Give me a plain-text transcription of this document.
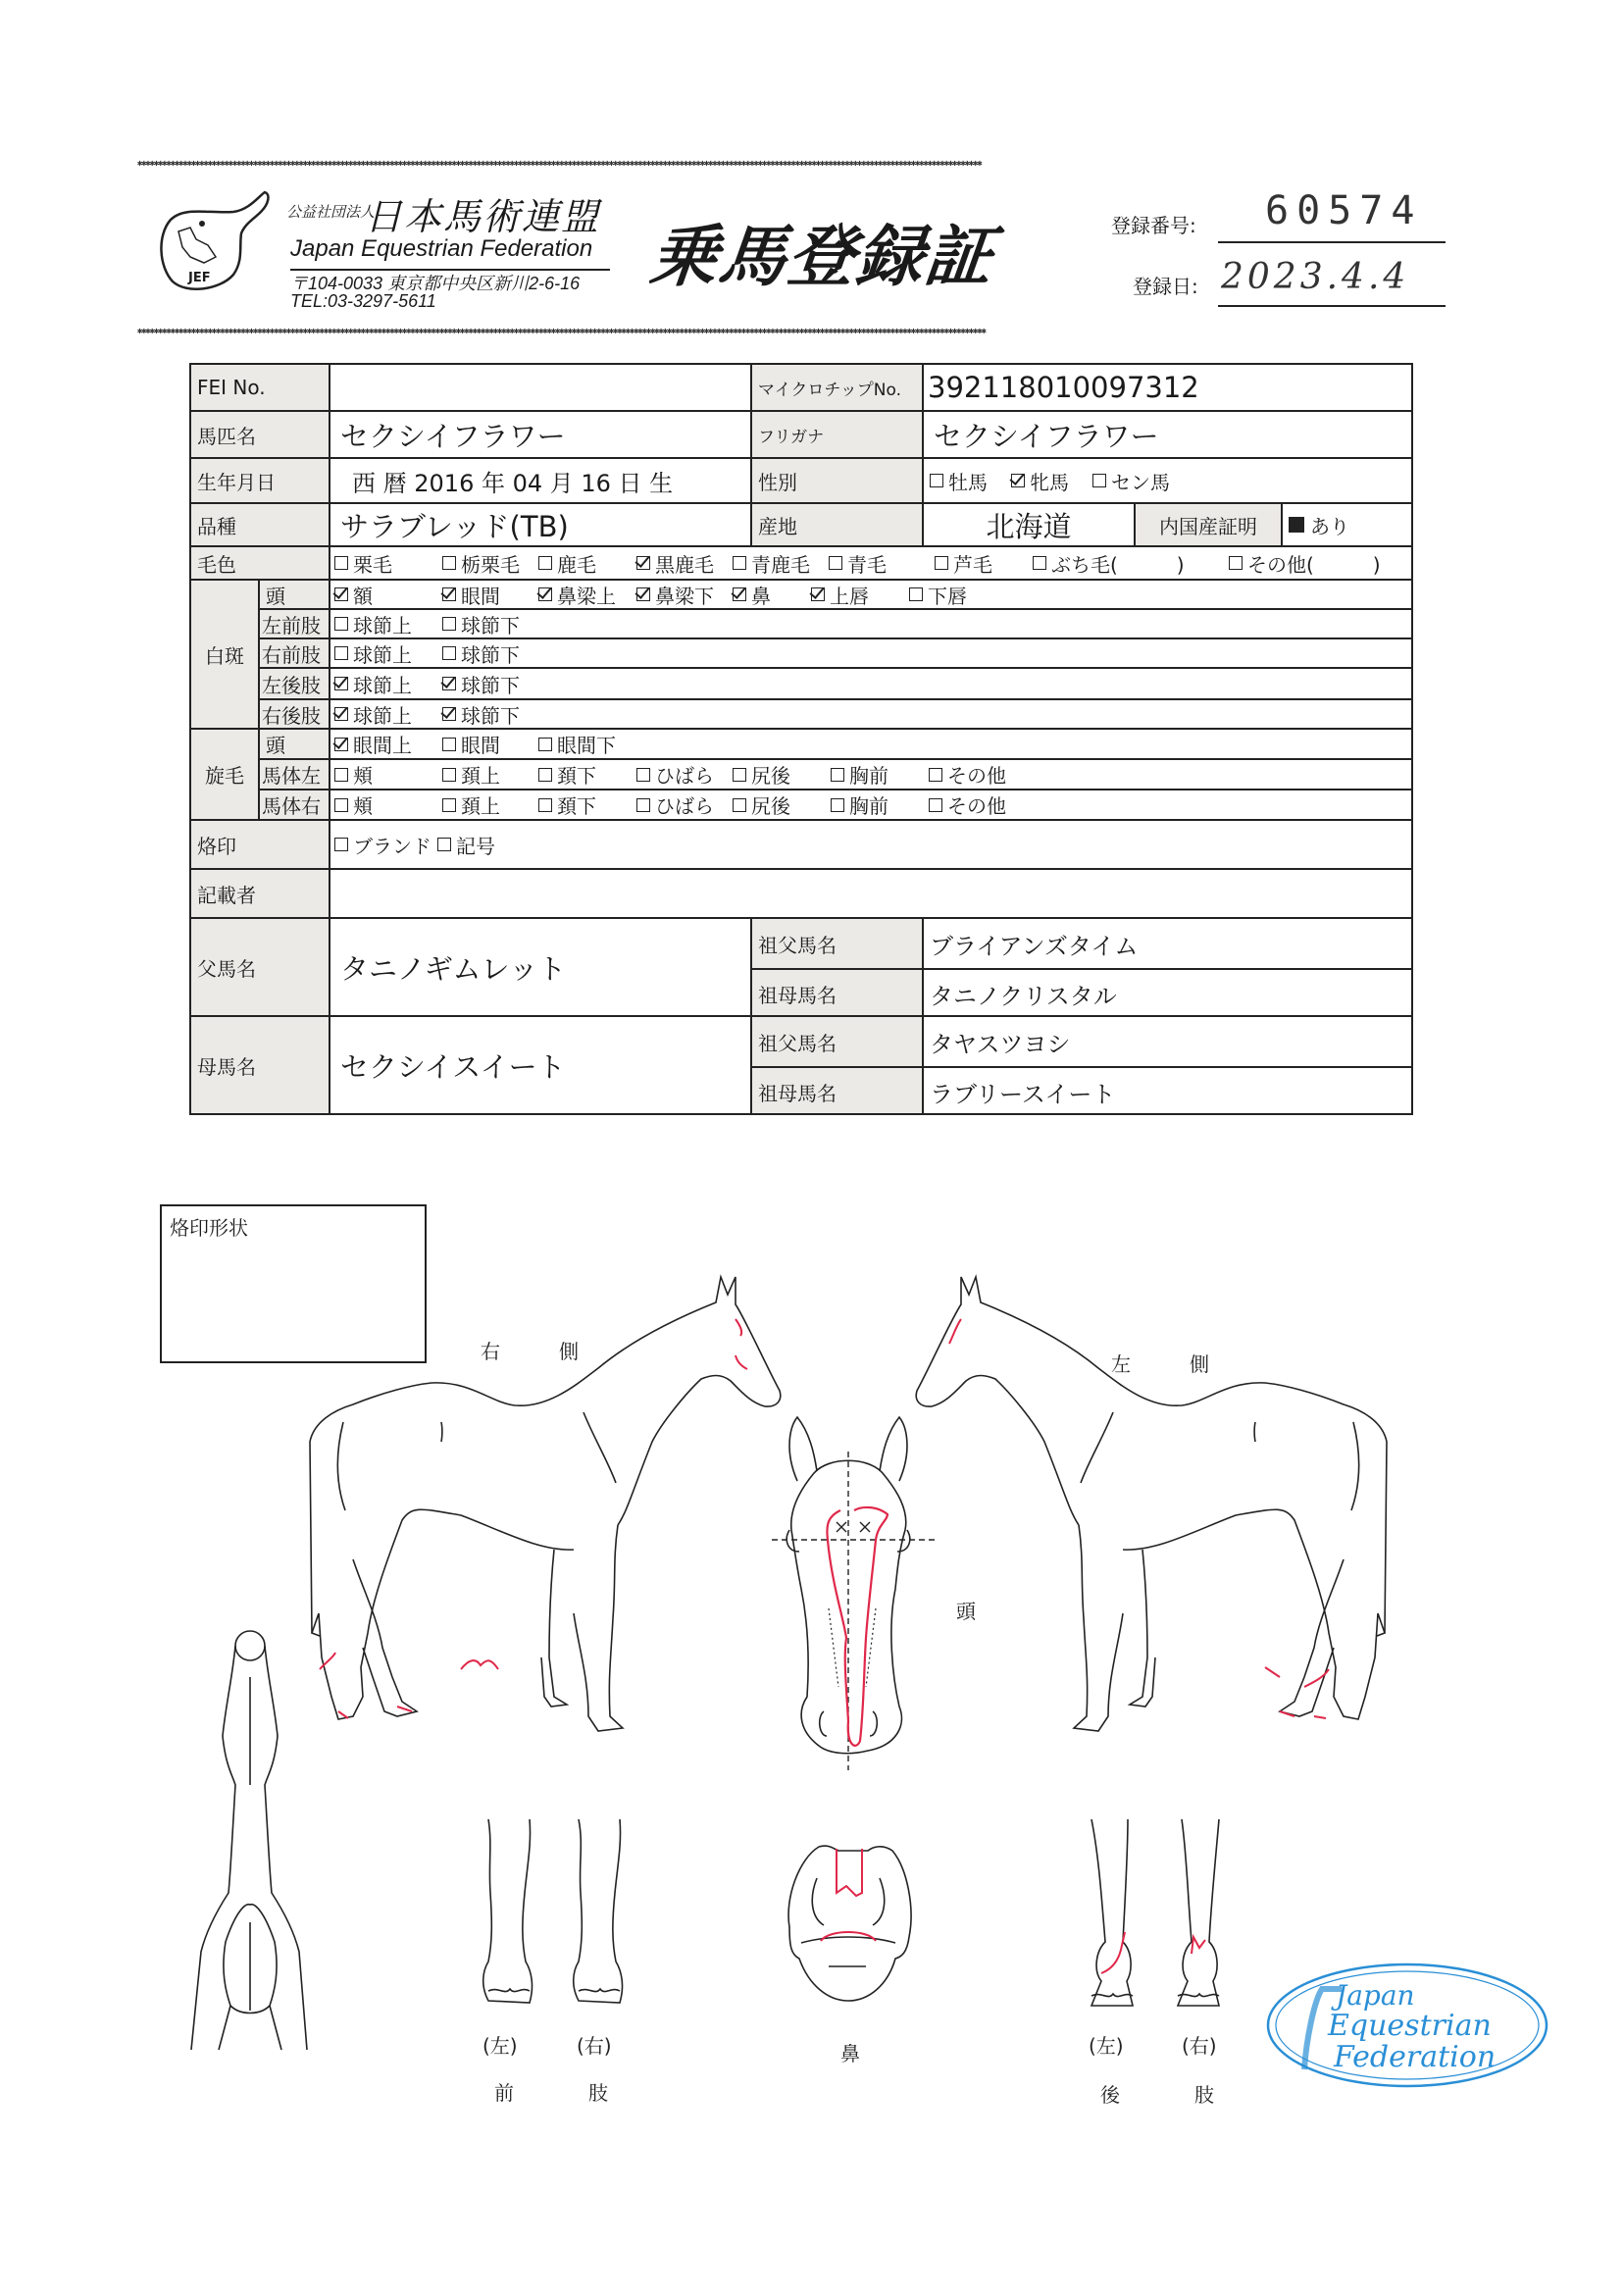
✱✱✱✱✱✱✱✱✱✱✱✱✱✱✱✱✱✱✱✱✱✱✱✱✱✱✱✱✱✱✱✱✱✱✱✱✱✱✱✱✱✱✱✱✱✱✱✱✱✱✱✱✱✱✱✱✱✱✱✱✱✱✱✱✱✱✱✱✱✱✱✱✱✱✱✱✱✱✱✱✱✱✱✱✱✱✱✱✱✱✱✱✱✱✱✱✱✱✱✱✱✱✱✱✱✱✱✱✱✱✱✱✱✱✱✱✱✱✱✱✱✱✱✱✱✱✱✱✱✱✱✱✱✱✱✱✱✱✱✱✱✱✱✱✱✱✱✱✱✱✱✱✱✱✱✱✱✱✱✱✱✱✱✱✱✱✱✱✱✱✱✱✱✱✱✱✱✱✱✱✱✱✱✱✱✱✱✱✱✱✱✱✱✱✱✱✱✱✱✱✱✱✱✱
✱✱✱✱✱✱✱✱✱✱✱✱✱✱✱✱✱✱✱✱✱✱✱✱✱✱✱✱✱✱✱✱✱✱✱✱✱✱✱✱✱✱✱✱✱✱✱✱✱✱✱✱✱✱✱✱✱✱✱✱✱✱✱✱✱✱✱✱✱✱✱✱✱✱✱✱✱✱✱✱✱✱✱✱✱✱✱✱✱✱✱✱✱✱✱✱✱✱✱✱✱✱✱✱✱✱✱✱✱✱✱✱✱✱✱✱✱✱✱✱✱✱✱✱✱✱✱✱✱✱✱✱✱✱✱✱✱✱✱✱✱✱✱✱✱✱✱✱✱✱✱✱✱✱✱✱✱✱✱✱✱✱✱✱✱✱✱✱✱✱✱✱✱✱✱✱✱✱✱✱✱✱✱✱✱✱✱✱✱✱✱✱✱✱✱✱✱✱✱✱✱✱✱✱✱
JEF
公益社団法人
日本馬術連盟
Japan Equestrian Federation
〒104-0033 東京都中央区新川2-6-16
TEL:03-3297-5611
乗馬登録証	登録番号: 60574
登録日: 2023.4.4
FEI No.	マイクロチップNo. 392118010097312
馬匹名	セクシイフラワー	フリガナ	セクシイフラワー
生年月日	西 暦 2016 年 04 月 16 日 生	性別	牡馬 牝馬 セン馬
品種	サラブレッド(TB)	産地	北海道	内国産証明	あり
毛色	栗毛	栃栗毛 鹿毛	黒鹿毛 青鹿毛 青毛	芦毛	ぶち毛(　　　)	その他(　　　)
白斑
頭	額	眼間	鼻梁上 鼻梁下 鼻	上唇	下唇
左前肢	球節上	球節下
右前肢	球節上	球節下
左後肢	球節上	球節下
右後肢	球節上	球節下
旋毛
頭	眼間上	眼間	眼間下
馬体左	頬	頚上	頚下	ひばら 尻後	胸前	その他
馬体右	頬	頚上	頚下	ひばら 尻後	胸前	その他
烙印	ブランド 記号
記載者
父馬名	タニノギムレット
祖父馬名	ブライアンズタイム
祖母馬名	タニノクリスタル
母馬名	セクシイスイート
祖父馬名	タヤスツヨシ
祖母馬名	ラブリースイート
烙印形状
右　　　側
左　　　側
頭
鼻
(左)	(右)
前	肢
(左)	(右)
後	肢
Japan
Equestrian
Federation
